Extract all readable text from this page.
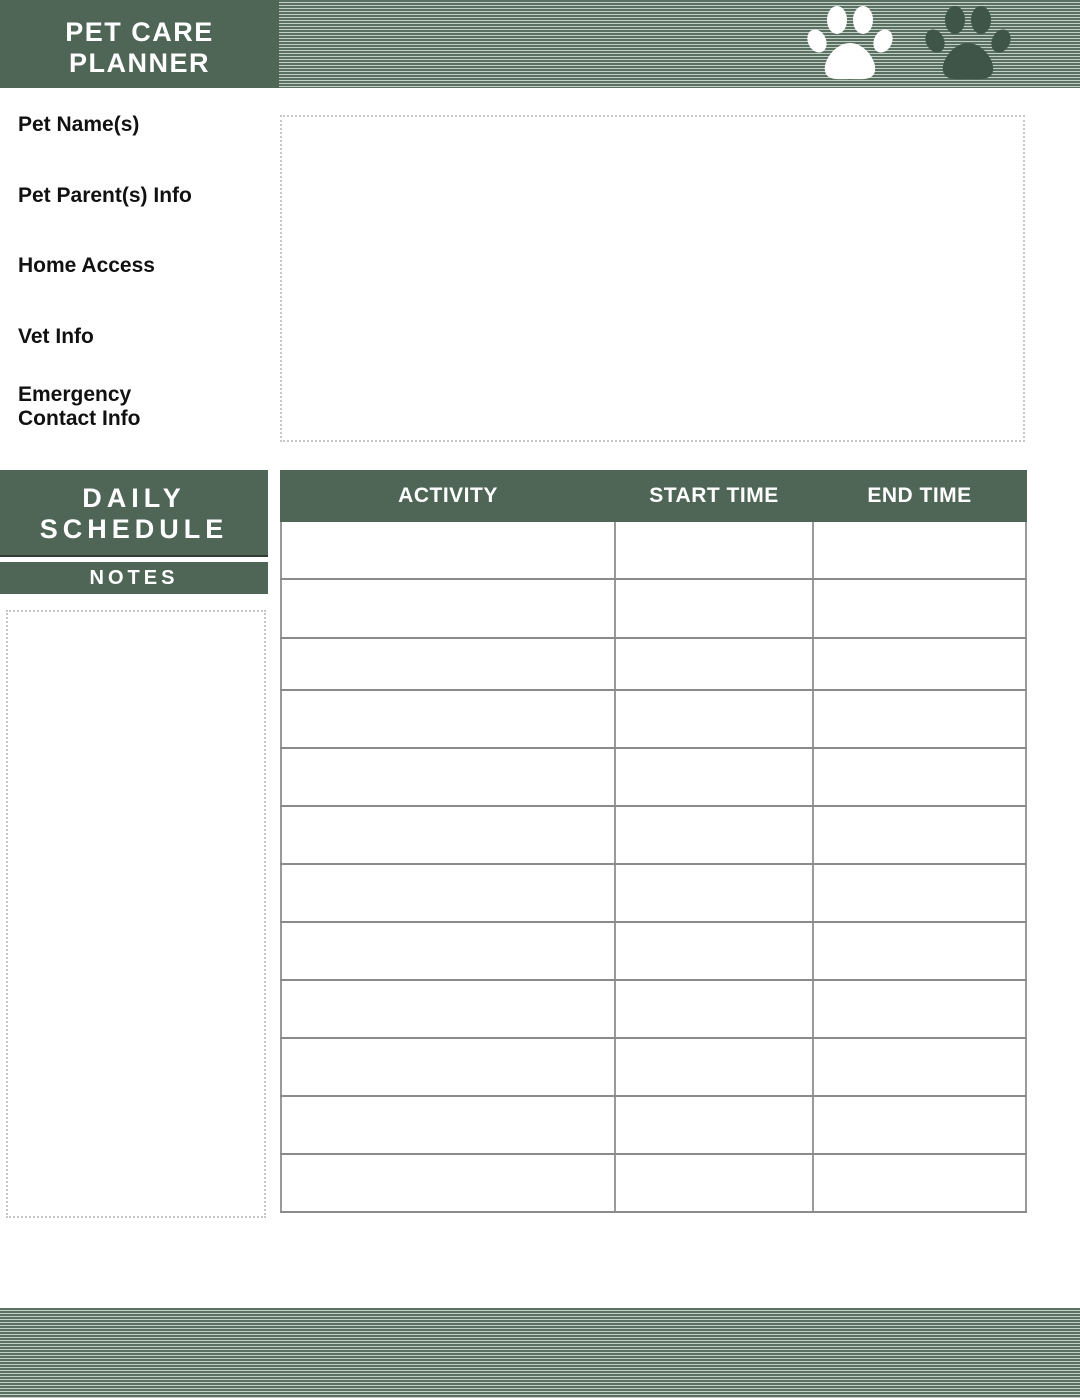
PET CARE
PLANNER
Pet Name(s)
Pet Parent(s) Info
Home Access
Vet Info
Emergency
Contact Info
DAILY
SCHEDULE
NOTES
ACTIVITY	START TIME	END TIME
